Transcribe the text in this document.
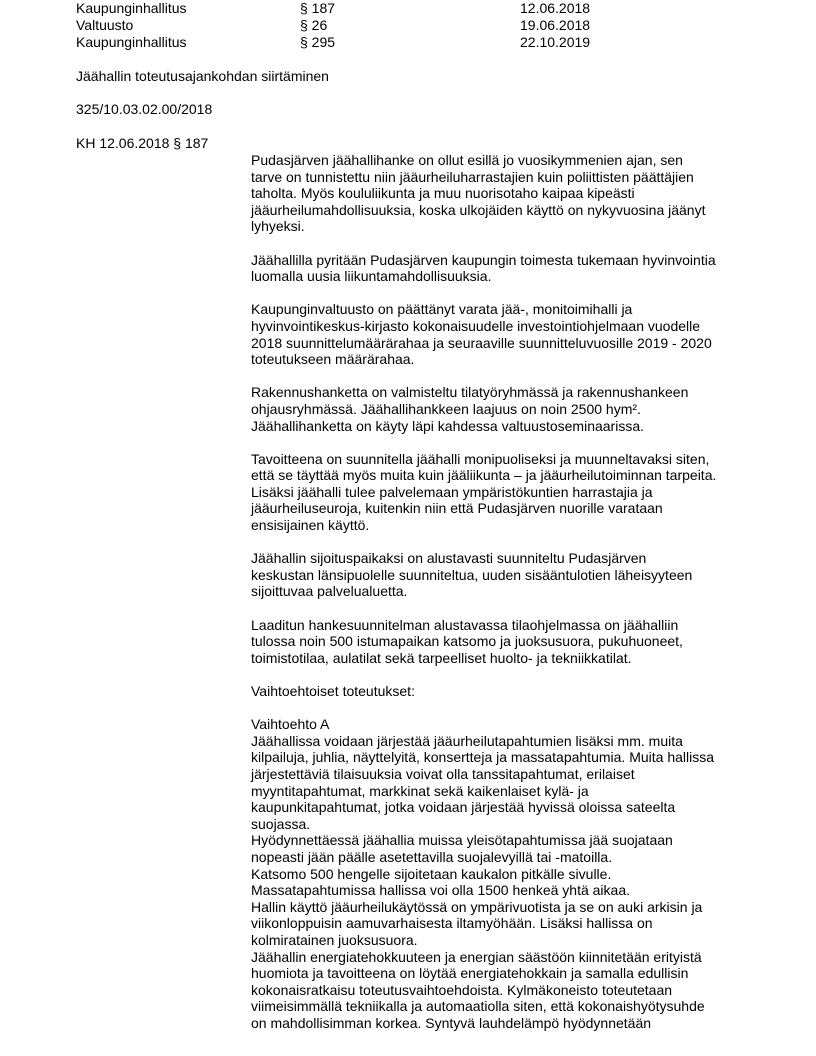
Kaupunginhallitus	§ 187	12.06.2018
Valtuusto	§ 26	19.06.2018
Kaupunginhallitus	§ 295	22.10.2019
Jäähallin toteutusajankohdan siirtäminen
325/10.03.02.00/2018
KH 12.06.2018 § 187

Pudasjärven jäähallihanke on ollut esillä jo vuosikymmenien ajan, sen
tarve on tunnistettu niin jääurheiluharrastajien kuin poliittisten päättäjien
taholta. Myös koululiikunta ja muu nuorisotaho kaipaa kipeästi
jääurheilumahdollisuuksia, koska ulkojäiden käyttö on nykyvuosina jäänyt
lyhyeksi.

Jäähallilla pyritään Pudasjärven kaupungin toimesta tukemaan hyvinvointia
luomalla uusia liikuntamahdollisuuksia.

Kaupunginvaltuusto on päättänyt varata jää-, monitoimihalli ja
hyvinvointikeskus-kirjasto kokonaisuudelle investointiohjelmaan vuodelle
2018 suunnittelumäärärahaa ja seuraaville suunnitteluvuosille 2019 - 2020
toteutukseen määrärahaa.

Rakennushanketta on valmisteltu tilatyöryhmässä ja rakennushankeen
ohjausryhmässä. Jäähallihankkeen laajuus on noin 2500 hym².
Jäähallihanketta on käyty läpi kahdessa valtuustoseminaarissa.

Tavoitteena on suunnitella jäähalli monipuoliseksi ja muunneltavaksi siten,
että se täyttää myös muita kuin jääliikunta – ja jääurheilutoiminnan tarpeita.
Lisäksi jäähalli tulee palvelemaan ympäristökuntien harrastajia ja
jääurheiluseuroja, kuitenkin niin että Pudasjärven nuorille varataan
ensisijainen käyttö.

Jäähallin sijoituspaikaksi on alustavasti suunniteltu Pudasjärven
keskustan länsipuolelle suunniteltua, uuden sisääntulotien läheisyyteen
sijoittuvaa palvelualuetta.

Laaditun hankesuunnitelman alustavassa tilaohjelmassa on jäähalliin
tulossa noin 500 istumapaikan katsomo ja juoksusuora, pukuhuoneet,
toimistotilaa, aulatilat sekä tarpeelliset huolto- ja tekniikkatilat.

Vaihtoehtoiset toteutukset:

Vaihtoehto A

Jäähallissa voidaan järjestää jääurheilutapahtumien lisäksi mm. muita
kilpailuja, juhlia, näyttelyitä, konsertteja ja massatapahtumia. Muita hallissa
järjestettäviä tilaisuuksia voivat olla tanssitapahtumat, erilaiset
myyntitapahtumat, markkinat sekä kaikenlaiset kylä- ja
kaupunkitapahtumat, jotka voidaan järjestää hyvissä oloissa sateelta
suojassa.
Hyödynnettäessä jäähallia muissa yleisötapahtumissa jää suojataan
nopeasti jään päälle asetettavilla suojalevyillä tai -matoilla.
Katsomo 500 hengelle sijoitetaan kaukalon pitkälle sivulle.
Massatapahtumissa hallissa voi olla 1500 henkeä yhtä aikaa.
Hallin käyttö jääurheilukäytössä on ympärivuotista ja se on auki arkisin ja
viikonloppuisin aamuvarhaisesta iltamyöhään. Lisäksi hallissa on
kolmiratainen juoksusuora.
Jäähallin energiatehokkuuteen ja energian säästöön kiinnitetään erityistä
huomiota ja tavoitteena on löytää energiatehokkain ja samalla edullisin
kokonaisratkaisu toteutusvaihtoehdoista. Kylmäkoneisto toteutetaan
viimeisimmällä tekniikalla ja automaatiolla siten, että kokonaishyötysuhde
on mahdollisimman korkea. Syntyvä lauhdelämpö hyödynnetään
